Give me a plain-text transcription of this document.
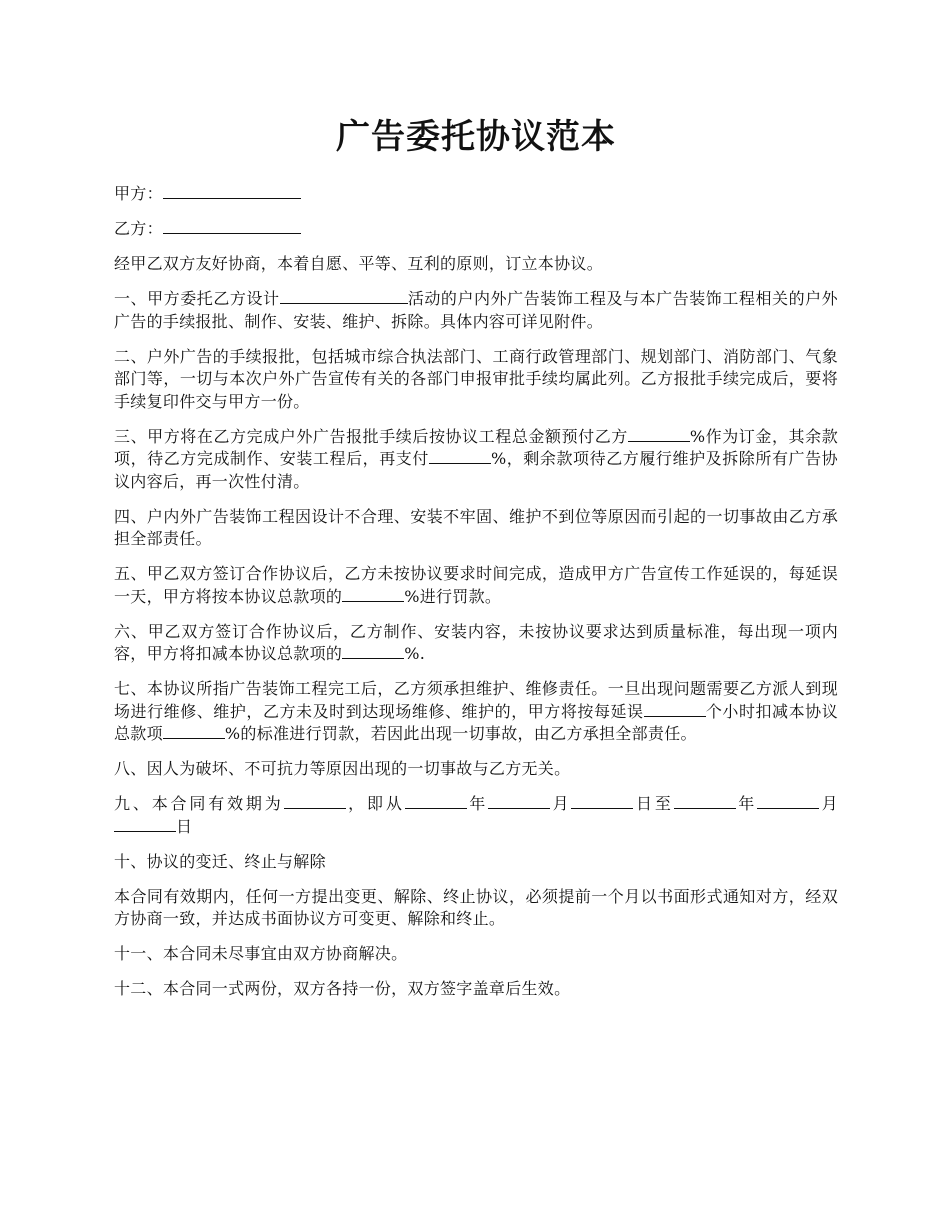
广告委托协议范本

甲方：

乙方：

经甲乙双方友好协商，本着自愿、平等、互利的原则，订立本协议。

一、甲方委托乙方设计	活动的户内外广告装饰工程及与本广告装饰工程相关的户外广告的手续报批、制作、安装、维护、拆除。具体内容可详见附件。

二、户外广告的手续报批，包括城市综合执法部门、工商行政管理部门、规划部门、消防部门、气象部门等，一切与本次户外广告宣传有关的各部门申报审批手续均属此列。乙方报批手续完成后，要将手续复印件交与甲方一份。

三、甲方将在乙方完成户外广告报批手续后按协议工程总金额预付乙方	%作为订金，其余款项，待乙方完成制作、安装工程后，再支付	%，剩余款项待乙方履行维护及拆除所有广告协议内容后，再一次性付清。

四、户内外广告装饰工程因设计不合理、安装不牢固、维护不到位等原因而引起的一切事故由乙方承担全部责任。

五、甲乙双方签订合作协议后，乙方未按协议要求时间完成，造成甲方广告宣传工作延误的，每延误一天，甲方将按本协议总款项的	%进行罚款。

六、甲乙双方签订合作协议后，乙方制作、安装内容，未按协议要求达到质量标准，每出现一项内容，甲方将扣减本协议总款项的	%.

七、本协议所指广告装饰工程完工后，乙方须承担维护、维修责任。一旦出现问题需要乙方派人到现场进行维修、维护，乙方未及时到达现场维修、维护的，甲方将按每延误	个小时扣减本协议总款项	%的标准进行罚款，若因此出现一切事故，由乙方承担全部责任。

八、因人为破坏、不可抗力等原因出现的一切事故与乙方无关。

九、本合同有效期为	，即从	年	月	日至	年	月日

十、协议的变迁、终止与解除

本合同有效期内，任何一方提出变更、解除、终止协议，必须提前一个月以书面形式通知对方，经双方协商一致，并达成书面协议方可变更、解除和终止。

十一、本合同未尽事宜由双方协商解决。

十二、本合同一式两份，双方各持一份，双方签字盖章后生效。
